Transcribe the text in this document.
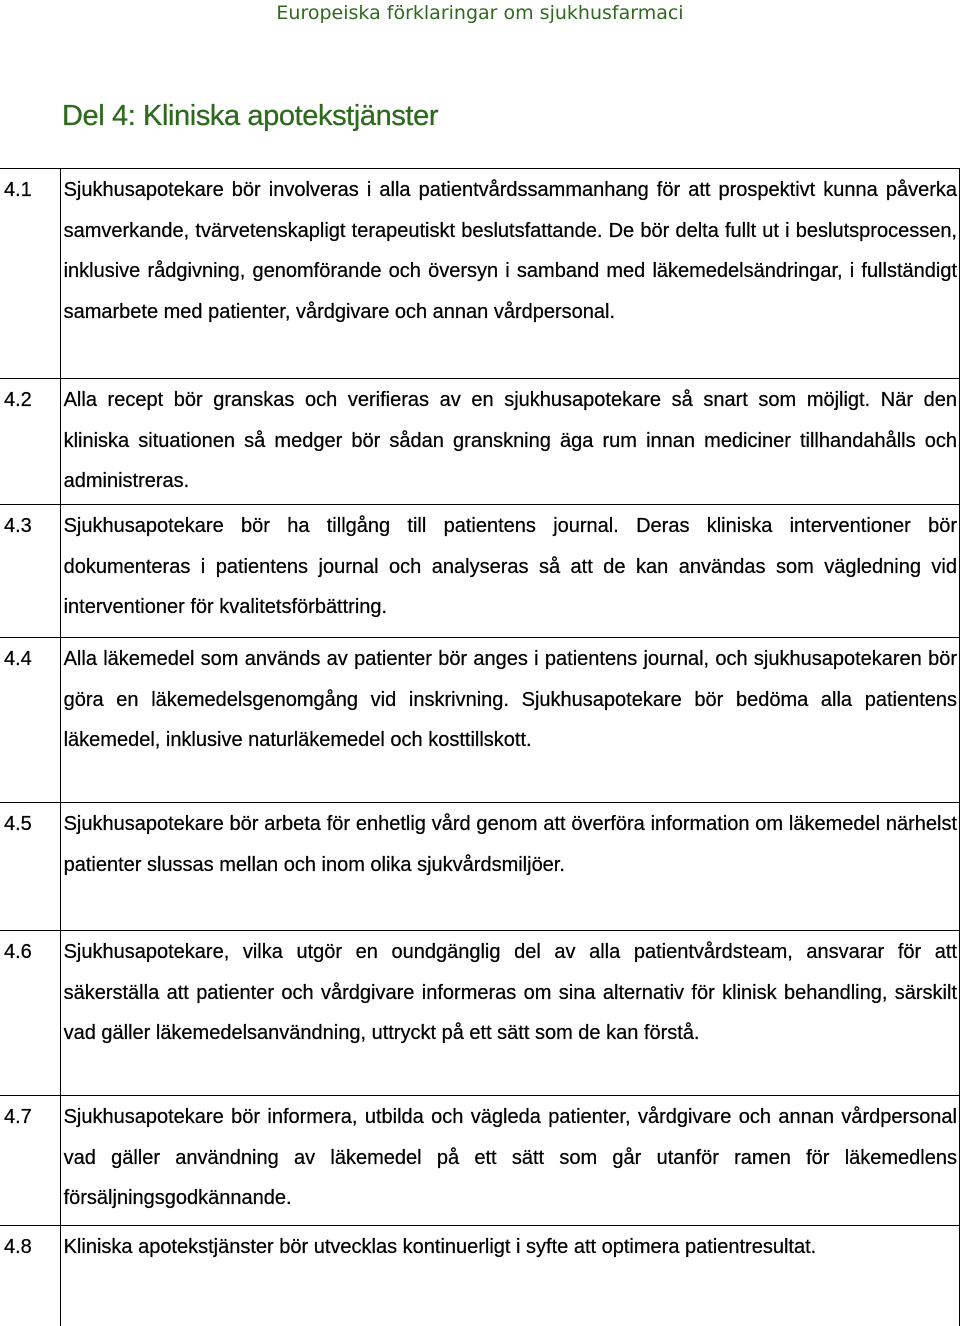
Europeiska förklaringar om sjukhusfarmaci
Del 4: Kliniska apotekstjänster
4.1	Sjukhusapotekare bör involveras i alla patientvårdssammanhang för att prospektivt kunna påverka samverkande, tvärvetenskapligt terapeutiskt beslutsfattande. De bör delta fullt ut i beslutsprocessen, inklusive rådgivning, genomförande och översyn i samband med läkemedelsändringar, i fullständigt samarbete med patienter, vårdgivare och annan vårdpersonal.

4.2	Alla recept bör granskas och verifieras av en sjukhusapotekare så snart som möjligt. När den kliniska situationen så medger bör sådan granskning äga rum innan mediciner tillhandahålls och administreras.

4.3	Sjukhusapotekare bör ha tillgång till patientens journal. Deras kliniska interventioner bör dokumenteras i patientens journal och analyseras så att de kan användas som vägledning vid interventioner för kvalitetsförbättring.

4.4	Alla läkemedel som används av patienter bör anges i patientens journal, och sjukhusapotekaren bör göra en läkemedelsgenomgång vid inskrivning. Sjukhusapotekare bör bedöma alla patientens läkemedel, inklusive naturläkemedel och kosttillskott.

4.5	Sjukhusapotekare bör arbeta för enhetlig vård genom att överföra information om läkemedel närhelst patienter slussas mellan och inom olika sjukvårdsmiljöer.

4.6	Sjukhusapotekare, vilka utgör en oundgänglig del av alla patientvårdsteam, ansvarar för att säkerställa att patienter och vårdgivare informeras om sina alternativ för klinisk behandling, särskilt vad gäller läkemedelsanvändning, uttryckt på ett sätt som de kan förstå.

4.7	Sjukhusapotekare bör informera, utbilda och vägleda patienter, vårdgivare och annan vårdpersonal vad gäller användning av läkemedel på ett sätt som går utanför ramen för läkemedlens försäljningsgodkännande.

4.8	Kliniska apotekstjänster bör utvecklas kontinuerligt i syfte att optimera patientresultat.
